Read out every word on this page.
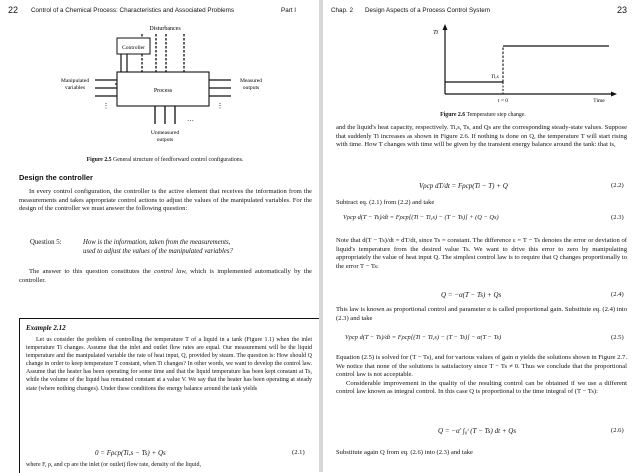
22 Control of a Chemical Process: Characteristics and Associated Problems	Part I
Disturbances
Controller
Process
Manipulated
variables
⋮
Measured
outputs
⋮
…
Unmeasured
outputs
Figure 2.5 General structure of feedforward control configurations.
Design the controller

In every control configuration, the controller is the active element that receives the information from the measurements and takes appropriate control actions to adjust the values of the manipulated variables. For the design of the controller we must answer the following question:

Question 5:	How is the information, taken from the measurements,

used to adjust the values of the manipulated variables?

The answer to this question constitutes the control law, which is implemented automatically by the controller.

Example 2.12

Let us consider the problem of controlling the temperature T of a liquid in a tank (Figure 1.1) when the inlet temperature Ti changes. Assume that the inlet and outlet flow rates are equal. Our measurement will be the liquid temperature and the manipulated variable the rate of heat input, Q, provided by steam. The question is: How should Q change in order to keep temperature T constant, when Ti changes? In other words, we want to develop the control law. Assume that the heater has been operating for some time and that the liquid temperature has been kept constant at Ts, while the volume of the liquid has remained constant at a value V. We say that the heater has been operating at steady state (where nothing changes). Under these conditions the energy balance around the tank yields

0 = Fρcp(Ti,s − Ts) + Qs	(2.1)
where F, ρ, and cp are the inlet (or outlet) flow rate, density of the liquid,
Chap. 2 Design Aspects of a Process Control System	23
Ti
Ti,s
t = 0	Time
Figure 2.6 Temperature step change.

and the liquid's heat capacity, respectively. Ti,s, Ts, and Qs are the corresponding steady-state values. Suppose that suddenly Ti increases as shown in Figure 2.6. If nothing is done on Q, the temperature T will start rising with time. How T changes with time will be given by the transient energy balance around the tank: that is,

Vρcp dT/dt = Fρcp(Ti − T) + Q	(2.2)
Subtract eq. (2.1) from (2.2) and take
Vρcp d(T − Ts)/dt = Fρcp[(Ti − Ti,s) − (T − Ts)] + (Q − Qs)	(2.3)

Note that d(T − Ts)/dt = dT/dt, since Ts = constant. The difference ε = T − Ts denotes the error or deviation of liquid's temperature from the desired value Ts. We want to drive this error to zero by manipulating appropriately the value of heat input Q. The simplest control law is to require that Q changes proportionally to the error T − Ts:

Q = −α(T − Ts) + Qs	(2.4)

This law is known as proportional control and parameter α is called proportional gain. Substitute eq. (2.4) into (2.3) and take

Vρcp d(T − Ts)/dt = Fρcp[(Ti − Ti,s) − (T − Ts)] − α(T − Ts)	(2.5)

Equation (2.5) is solved for (T − Ts), and for various values of gain α yields the solutions shown in Figure 2.7. We notice that none of the solutions is satisfactory since T − Ts ≠ 0. Thus we conclude that the proportional control law is not acceptable.

Considerable improvement in the quality of the resulting control can be obtained if we use a different control law known as integral control. In this case Q is proportional to the time integral of (T − Ts):

Q = −α′ ∫₀ᵗ (T − Ts) dt + Qs	(2.6)
Substitute again Q from eq. (2.6) into (2.3) and take
